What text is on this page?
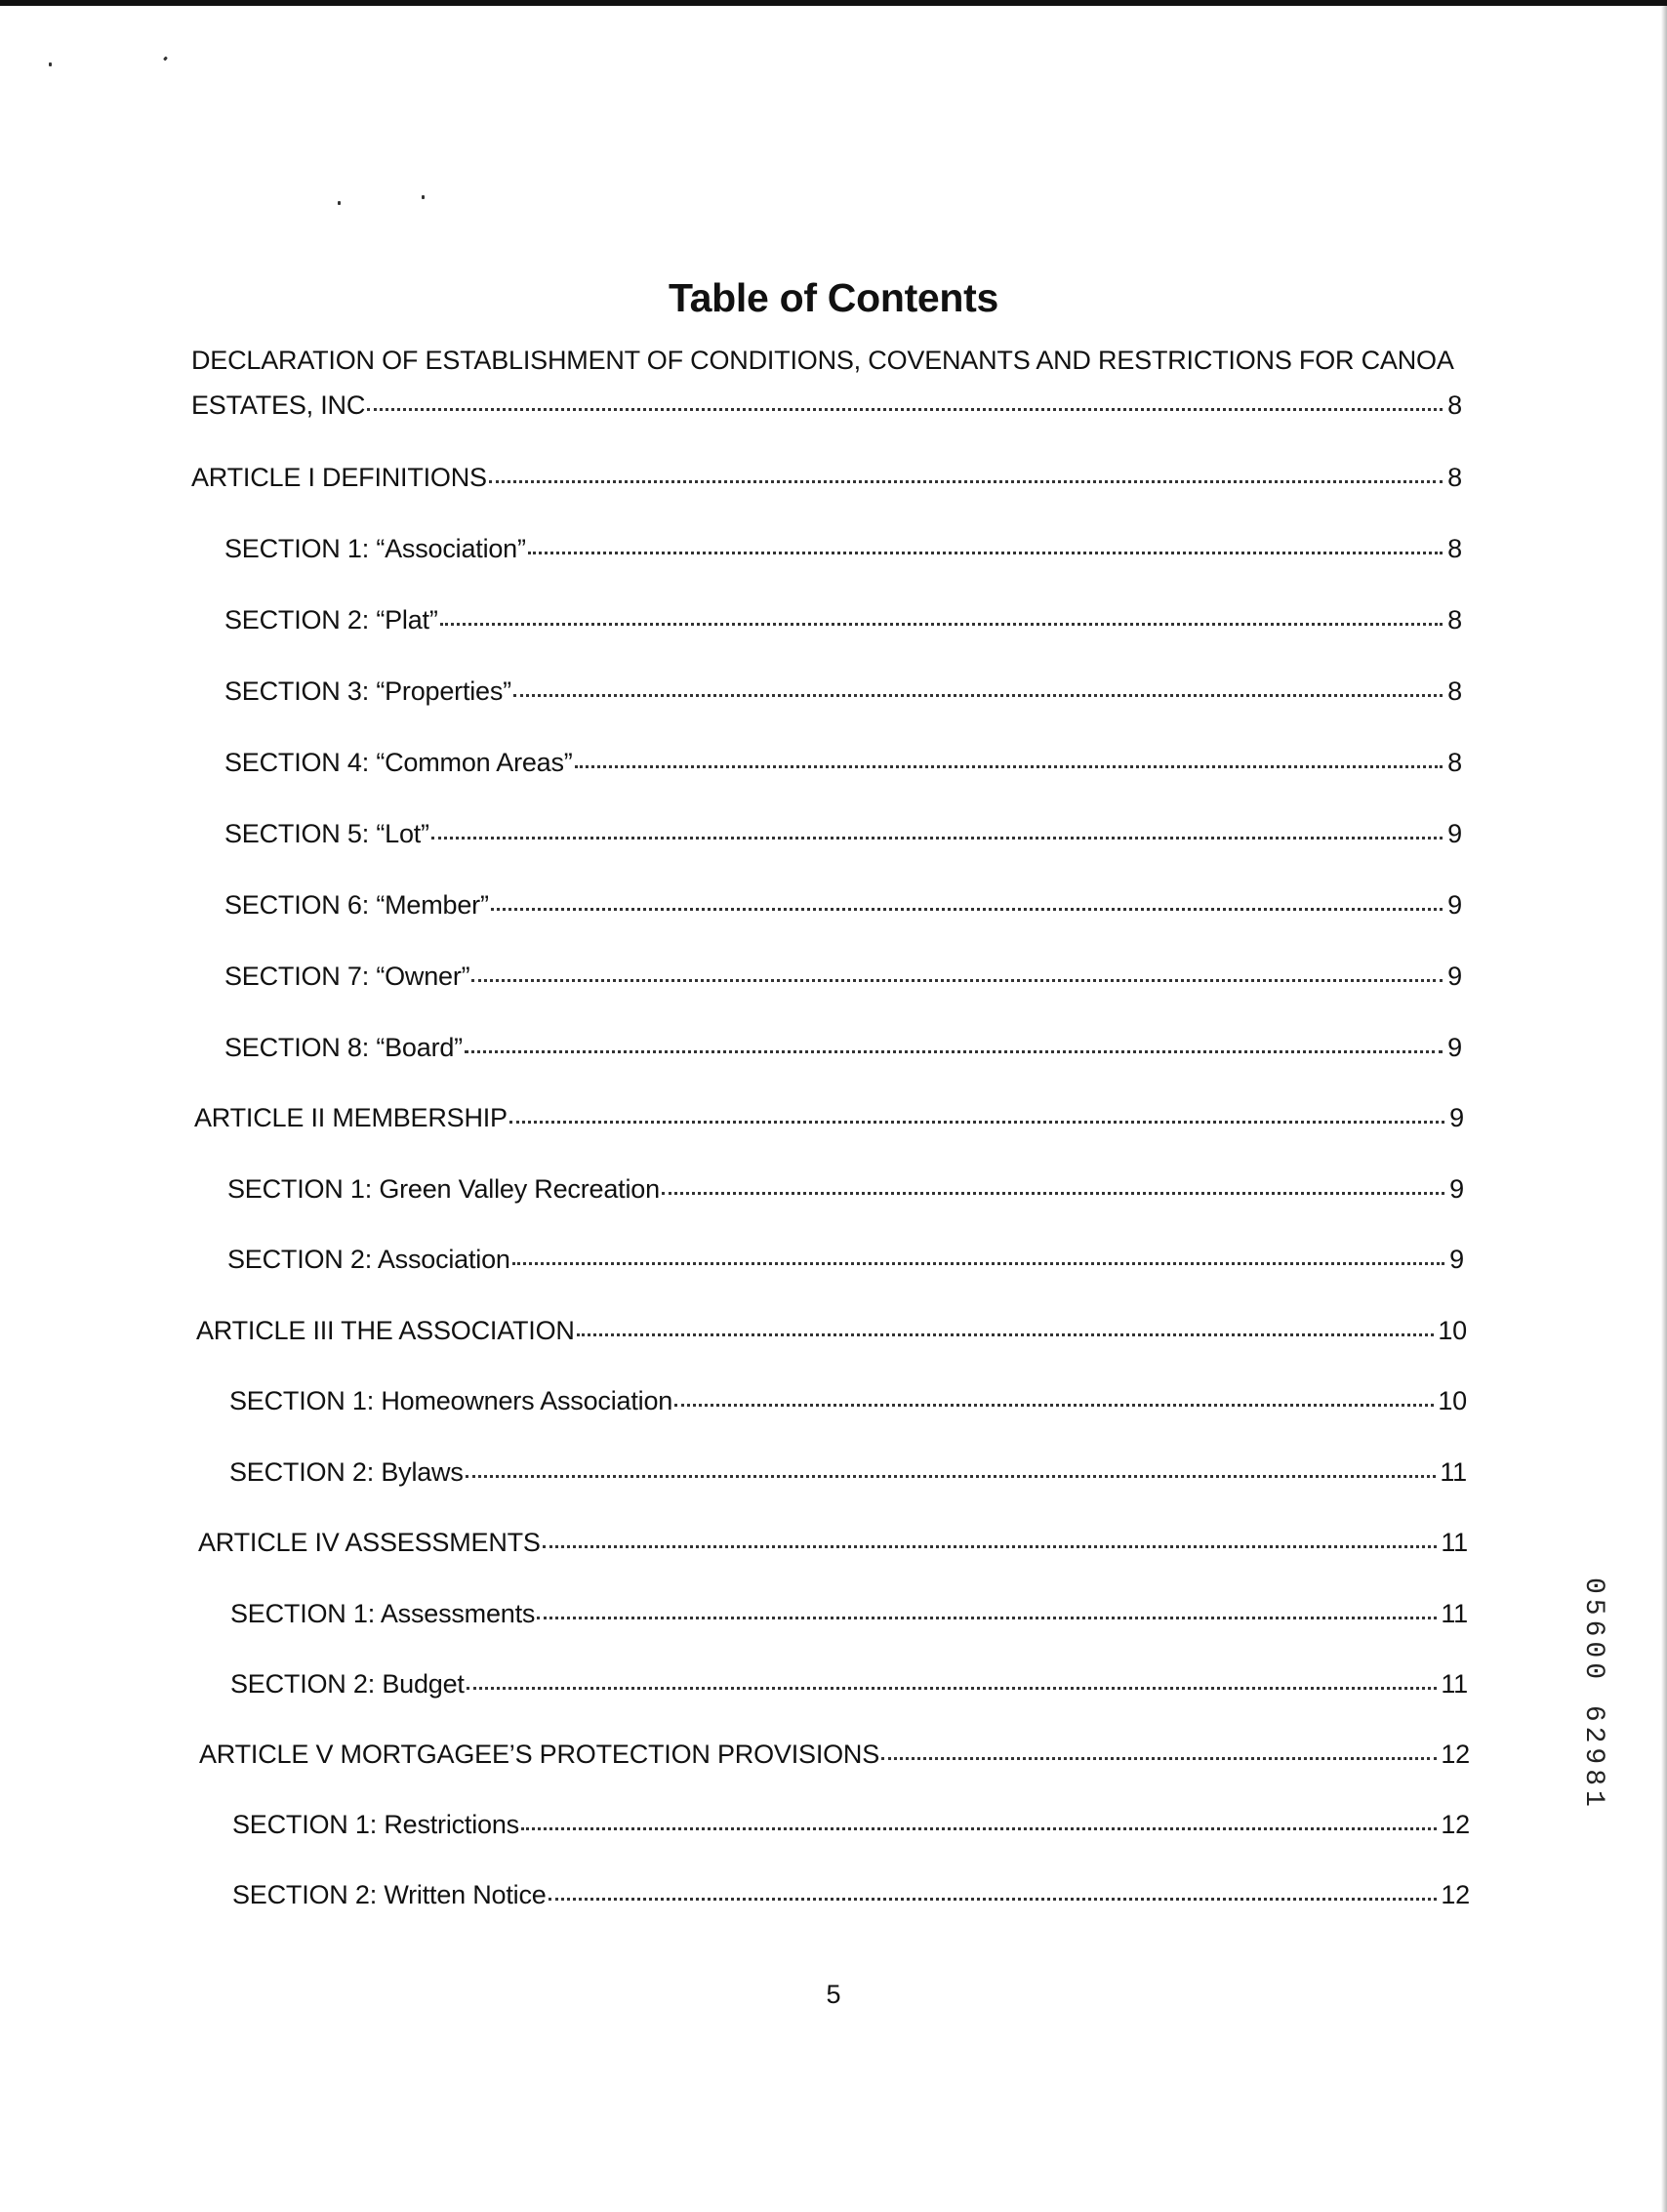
Table of Contents
DECLARATION OF ESTABLISHMENT OF CONDITIONS, COVENANTS AND RESTRICTIONS FOR CANOA
ESTATES, INC	8
ARTICLE I DEFINITIONS	8
SECTION 1: “Association”	8
SECTION 2: “Plat”	8
SECTION 3: “Properties”	8
SECTION 4: “Common Areas”	8
SECTION 5: “Lot”	9
SECTION 6: “Member”	9
SECTION 7: “Owner”	9
SECTION 8: “Board”	9
ARTICLE II MEMBERSHIP	9
SECTION 1: Green Valley Recreation	9
SECTION 2: Association	9
ARTICLE III THE ASSOCIATION	10
SECTION 1: Homeowners Association	10
SECTION 2: Bylaws	11
ARTICLE IV ASSESSMENTS	11
SECTION 1: Assessments	11
SECTION 2: Budget	11
ARTICLE V MORTGAGEE’S PROTECTION PROVISIONS	12
SECTION 1: Restrictions	12
SECTION 2: Written Notice	12
05600 62981
5
